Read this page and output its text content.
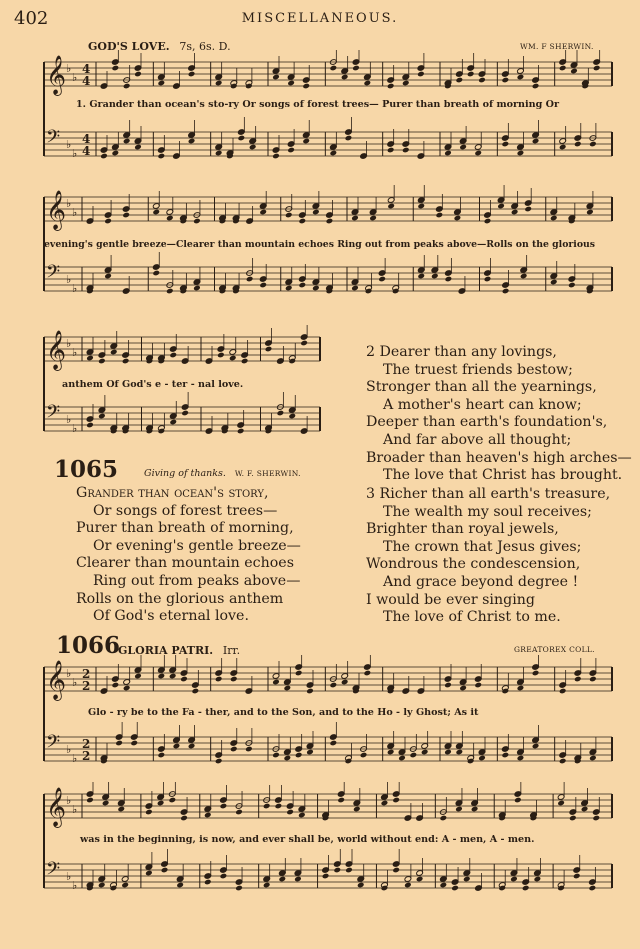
402	MISCELLANEOUS.
GOD'S LOVE. 7s, 6s. D.	WM. F SHERWIN.
𝄞 ♭
♭
4
4
𝄢 ♭
♭
4
4
1. Grander than ocean's sto-ry Or songs of forest trees— Purer than breath of morning Or
𝄞 ♭
♭
𝄢 ♭
♭
evening's gentle breeze—Clearer than mountain echoes Ring out from peaks above—Rolls on the glorious
𝄞 ♭
♭
𝄢 ♭
♭
anthem Of God's e - ter - nal love.
1065	Giving of thanks. W. F. SHERWIN.
Grander than ocean's story,
Or songs of forest trees—
Purer than breath of morning,
Or evening's gentle breeze—
Clearer than mountain echoes
Ring out from peaks above—
Rolls on the glorious anthem
Of God's eternal love.
2 Dearer than any lovings,
The truest friends bestow;
Stronger than all the yearnings,
A mother's heart can know;
Deeper than earth's foundation's,
And far above all thought;
Broader than heaven's high arches—
The love that Christ has brought.
3 Richer than all earth's treasure,
The wealth my soul receives;
Brighter than royal jewels,
The crown that Jesus gives;
Wondrous the condescension,
And grace beyond degree !
I would be ever singing
The love of Christ to me.
1066
GLORIA PATRI. Irr.	GREATOREX COLL.
𝄞 ♭
♭
2
2
𝄢 ♭
♭
2
2
Glo - ry be to the Fa - ther, and to the Son, and to the Ho - ly Ghost; As it
𝄞 ♭
♭
𝄢 ♭
♭
was in the beginning, is now, and ever shall be, world without end: A - men, A - men.
